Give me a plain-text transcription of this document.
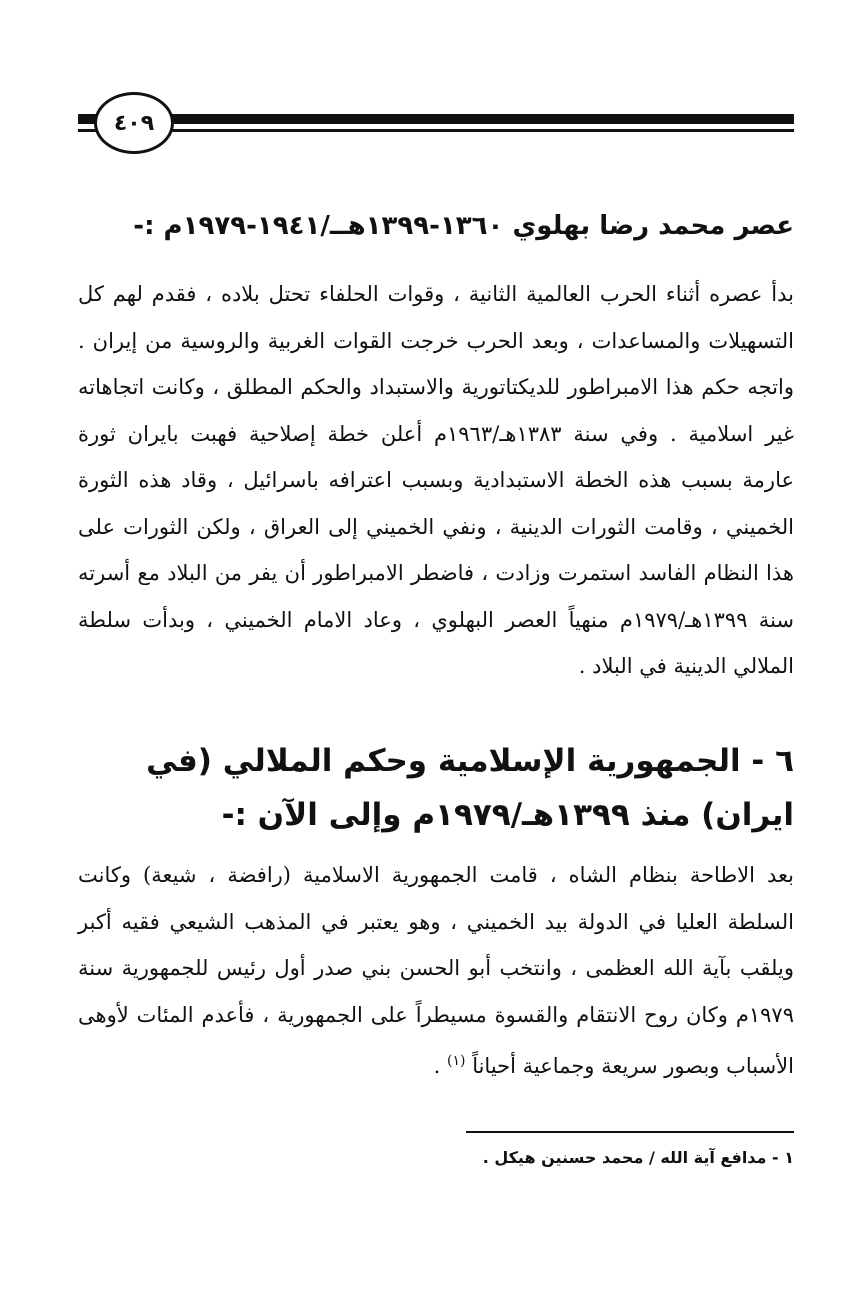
٤٠٩
عصر محمد رضا بهلوي ١٣٦٠-١٣٩٩هــ/١٩٤١-١٩٧٩م :-
بدأ عصره أثناء الحرب العالمية الثانية ، وقوات الحلفاء تحتل بلاده ، فقدم لهم كل التسهيلات والمساعدات ، وبعد الحرب خرجت القوات الغربية والروسية من إيران . واتجه حكم هذا الامبراطور للديكتاتورية والاستبداد والحكم المطلق ، وكانت اتجاهاته غير اسلامية . وفي سنة ١٣٨٣هـ/١٩٦٣م أعلن خطة إصلاحية فهبت بايران ثورة عارمة بسبب هذه الخطة الاستبدادية وبسبب اعترافه باسرائيل ، وقاد هذه الثورة الخميني ، وقامت الثورات الدينية ، ونفي الخميني إلى العراق ، ولكن الثورات على هذا النظام الفاسد استمرت وزادت ، فاضطر الامبراطور أن يفر من البلاد مع أسرته سنة ١٣٩٩هـ/١٩٧٩م منهياً العصر البهلوي ، وعاد الامام الخميني ، وبدأت سلطة الملالي الدينية في البلاد .
٦ - الجمهورية الإسلامية وحكم الملالي (في ايران) منذ ١٣٩٩هـ/١٩٧٩م وإلى الآن :-
بعد الاطاحة بنظام الشاه ، قامت الجمهورية الاسلامية (رافضة ، شيعة) وكانت السلطة العليا في الدولة بيد الخميني ، وهو يعتبر في المذهب الشيعي فقيه أكبر ويلقب بآية الله العظمى ، وانتخب أبو الحسن بني صدر أول رئيس للجمهورية سنة ١٩٧٩م وكان روح الانتقام والقسوة مسيطراً على الجمهورية ، فأعدم المئات لأوهى الأسباب وبصور سريعة وجماعية أحياناً $^{(١)}$ .
١ - مدافع آية الله / محمد حسنين هيكل .
